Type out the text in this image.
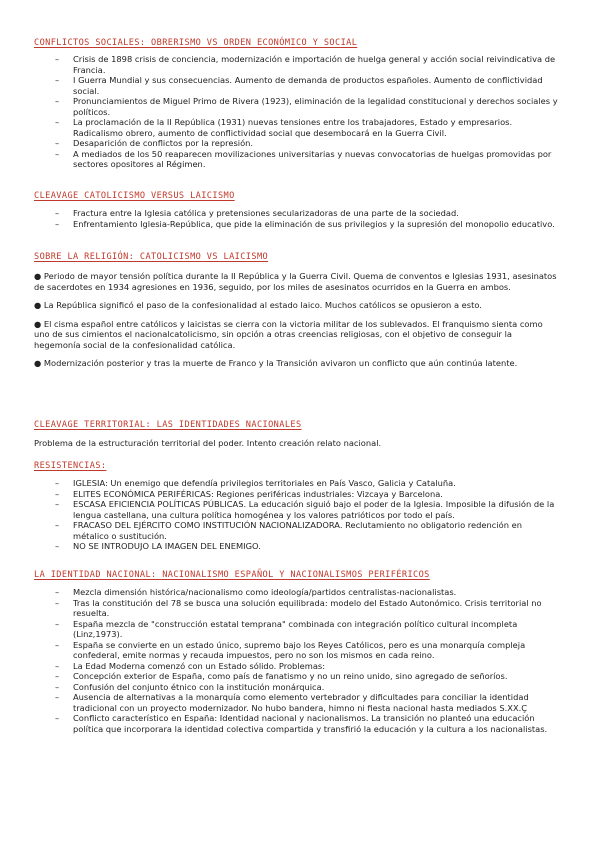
CONFLICTOS SOCIALES: OBRERISMO VS ORDEN ECONÓMICO Y SOCIAL
– Crisis de 1898 crisis de conciencia, modernización e importación de huelga general y acción social reivindicativa de Francia.
– I Guerra Mundial y sus consecuencias. Aumento de demanda de productos españoles. Aumento de conflictividad social.
– Pronunciamientos de Miguel Primo de Rivera (1923), eliminación de la legalidad constitucional y derechos sociales y políticos.
– La proclamación de la II República (1931) nuevas tensiones entre los trabajadores, Estado y empresarios. Radicalismo obrero, aumento de conflictividad social que desembocará en la Guerra Civil.
– Desaparición de conflictos por la represión.
– A mediados de los 50 reaparecen movilizaciones universitarias y nuevas convocatorias de huelgas promovidas por sectores opositores al Régimen.
CLEAVAGE CATOLICISMO VERSUS LAICISMO
– Fractura entre la Iglesia católica y pretensiones secularizadoras de una parte de la sociedad.
– Enfrentamiento Iglesia-República, que pide la eliminación de sus privilegios y la supresión del monopolio educativo.
SOBRE LA RELIGIÓN: CATOLICISMO VS LAICISMO

● Periodo de mayor tensión política durante la II República y la Guerra Civil. Quema de conventos e Iglesias 1931, asesinatos de sacerdotes en 1934 agresiones en 1936, seguido, por los miles de asesinatos ocurridos en la Guerra en ambos.

● La República significó el paso de la confesionalidad al estado laico. Muchos católicos se opusieron a esto.

● El cisma español entre católicos y laicistas se cierra con la victoria militar de los sublevados. El franquismo sienta como uno de sus cimientos el nacionalcatolicismo, sin opción a otras creencias religiosas, con el objetivo de conseguir la hegemonía social de la confesionalidad católica.

● Modernización posterior y tras la muerte de Franco y la Transición avivaron un conflicto que aún continúa latente.

CLEAVAGE TERRITORIAL: LAS IDENTIDADES NACIONALES

Problema de la estructuración territorial del poder. Intento creación relato nacional.

RESISTENCIAS:
– IGLESIA: Un enemigo que defendía privilegios territoriales en País Vasco, Galicia y Cataluña.
– ELITES ECONÓMICA PERIFÉRICAS: Regiones periféricas industriales: Vizcaya y Barcelona.
– ESCASA EFICIENCIA POLÍTICAS PÚBLICAS. La educación siguió bajo el poder de la Iglesia. Imposible la difusión de la lengua castellana, una cultura política homogénea y los valores patrióticos por todo el país.
– FRACASO DEL EJÉRCITO COMO INSTITUCIÓN NACIONALIZADORA. Reclutamiento no obligatorio redención en métalico o sustitución.
– NO SE INTRODUJO LA IMAGEN DEL ENEMIGO.
LA IDENTIDAD NACIONAL: NACIONALISMO ESPAÑOL Y NACIONALISMOS PERIFÉRICOS
– Mezcla dimensión histórica/nacionalismo como ideología/partidos centralistas-nacionalistas.
– Tras la constitución del 78 se busca una solución equilibrada: modelo del Estado Autonómico. Crisis territorial no resuelta.
– España mezcla de "construcción estatal temprana" combinada con integración político cultural incompleta (Linz,1973).
– España se convierte en un estado único, supremo bajo los Reyes Católicos, pero es una monarquía compleja confederal, emite normas y recauda impuestos, pero no son los mismos en cada reino.
– La Edad Moderna comenzó con un Estado sólido. Problemas:
– Concepción exterior de España, como país de fanatismo y no un reino unido, sino agregado de señoríos.
– Confusión del conjunto étnico con la institución monárquica.
– Ausencia de alternativas a la monarquía como elemento vertebrador y dificultades para conciliar la identidad tradicional con un proyecto modernizador. No hubo bandera, himno ni fiesta nacional hasta mediados S.XX.Ç
– Conflicto característico en España: Identidad nacional y nacionalismos. La transición no planteó una educación política que incorporara la identidad colectiva compartida y transfirió la educación y la cultura a los nacionalistas.
